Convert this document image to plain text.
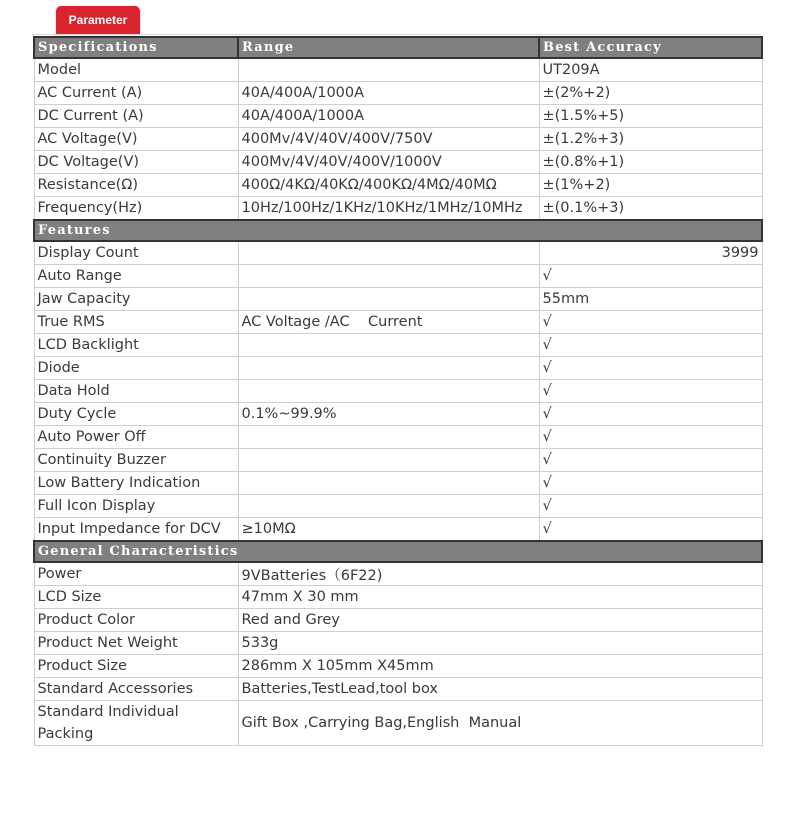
Parameter
Specifications	Range	Best Accuracy
Model		UT209A
AC Current (A)	40A/400A/1000A	±(2%+2)
DC Current (A)	40A/400A/1000A	±(1.5%+5)
AC Voltage(V)	400Mv/4V/40V/400V/750V	±(1.2%+3)
DC Voltage(V)	400Mv/4V/40V/400V/1000V	±(0.8%+1)
Resistance(Ω)	400Ω/4KΩ/40KΩ/400KΩ/4MΩ/40MΩ	±(1%+2)
Frequency(Hz)	10Hz/100Hz/1KHz/10KHz/1MHz/10MHz	±(0.1%+3)
Features		
Display Count		3999
Auto Range		√
Jaw Capacity		55mm
True RMS	AC Voltage /AC    Current	√
LCD Backlight		√
Diode		√
Data Hold		√
Duty Cycle	0.1%~99.9%	√
Auto Power Off		√
Continuity Buzzer		√
Low Battery Indication		√
Full Icon Display		√
Input Impedance for DCV	≥10MΩ	√
General Characteristics		
Power	9VBatteries（6F22)	
LCD Size	47mm X 30 mm	
Product Color	Red and Grey	
Product Net Weight	533g	
Product Size	286mm X 105mm X45mm	
Standard Accessories	Batteries,TestLead,tool box	
Standard Individual Packing	Gift Box ,Carrying Bag,English  Manual	
